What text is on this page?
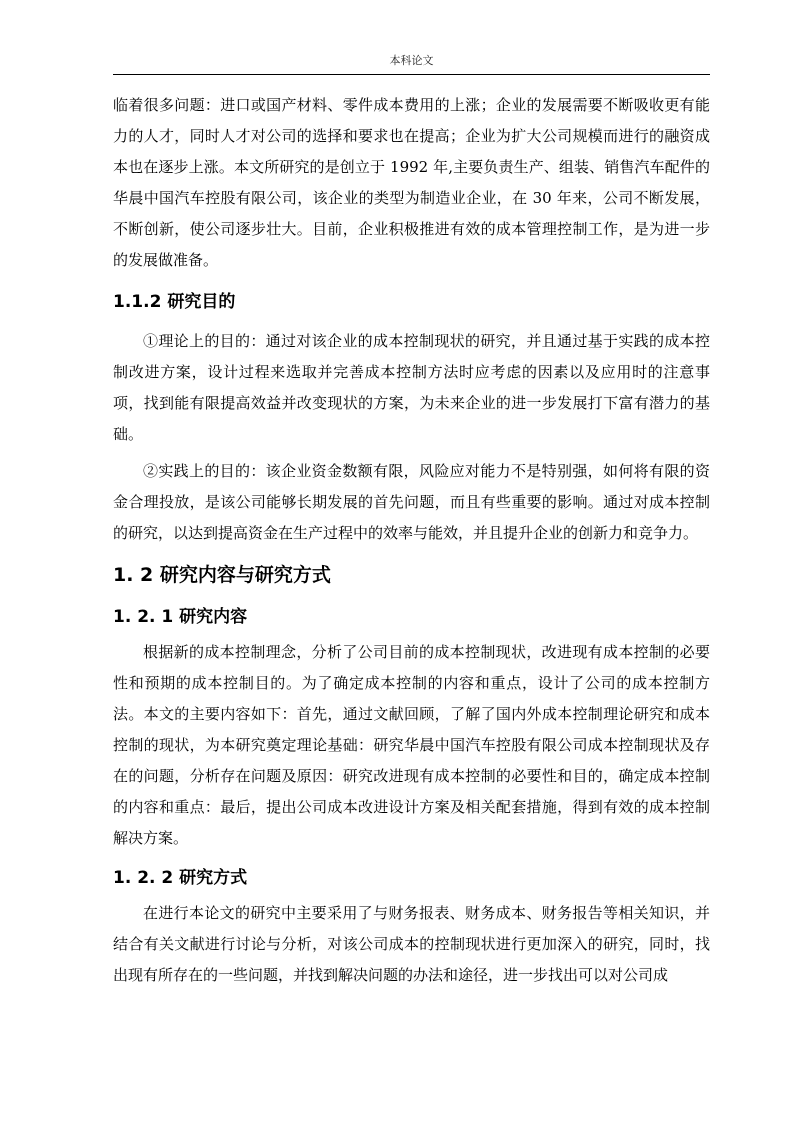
本科论文

临着很多问题：进口或国产材料、零件成本费用的上涨；企业的发展需要不断吸收更有能力的人才，同时人才对公司的选择和要求也在提高；企业为扩大公司规模而进行的融资成本也在逐步上涨。本文所研究的是创立于 1992 年,主要负责生产、组装、销售汽车配件的华晨中国汽车控股有限公司，该企业的类型为制造业企业，在 30 年来，公司不断发展，不断创新，使公司逐步壮大。目前，企业积极推进有效的成本管理控制工作，是为进一步的发展做准备。

1.1.2 研究目的

①理论上的目的：通过对该企业的成本控制现状的研究，并且通过基于实践的成本控制改进方案，设计过程来选取并完善成本控制方法时应考虑的因素以及应用时的注意事项，找到能有限提高效益并改变现状的方案，为未来企业的进一步发展打下富有潜力的基础。

②实践上的目的：该企业资金数额有限，风险应对能力不是特别强，如何将有限的资金合理投放，是该公司能够长期发展的首先问题，而且有些重要的影响。通过对成本控制的研究，以达到提高资金在生产过程中的效率与能效，并且提升企业的创新力和竞争力。

1. 2 研究内容与研究方式
1. 2. 1 研究内容

根据新的成本控制理念，分析了公司目前的成本控制现状，改进现有成本控制的必要性和预期的成本控制目的。为了确定成本控制的内容和重点，设计了公司的成本控制方法。本文的主要内容如下：首先，通过文献回顾，了解了国内外成本控制理论研究和成本控制的现状，为本研究奠定理论基础：研究华晨中国汽车控股有限公司成本控制现状及存在的问题，分析存在问题及原因：研究改进现有成本控制的必要性和目的，确定成本控制的内容和重点：最后，提出公司成本改进设计方案及相关配套措施，得到有效的成本控制解决方案。

1. 2. 2 研究方式

在进行本论文的研究中主要采用了与财务报表、财务成本、财务报告等相关知识，并结合有关文献进行讨论与分析，对该公司成本的控制现状进行更加深入的研究，同时，找出现有所存在的一些问题，并找到解决问题的办法和途径，进一步找出可以对公司成
